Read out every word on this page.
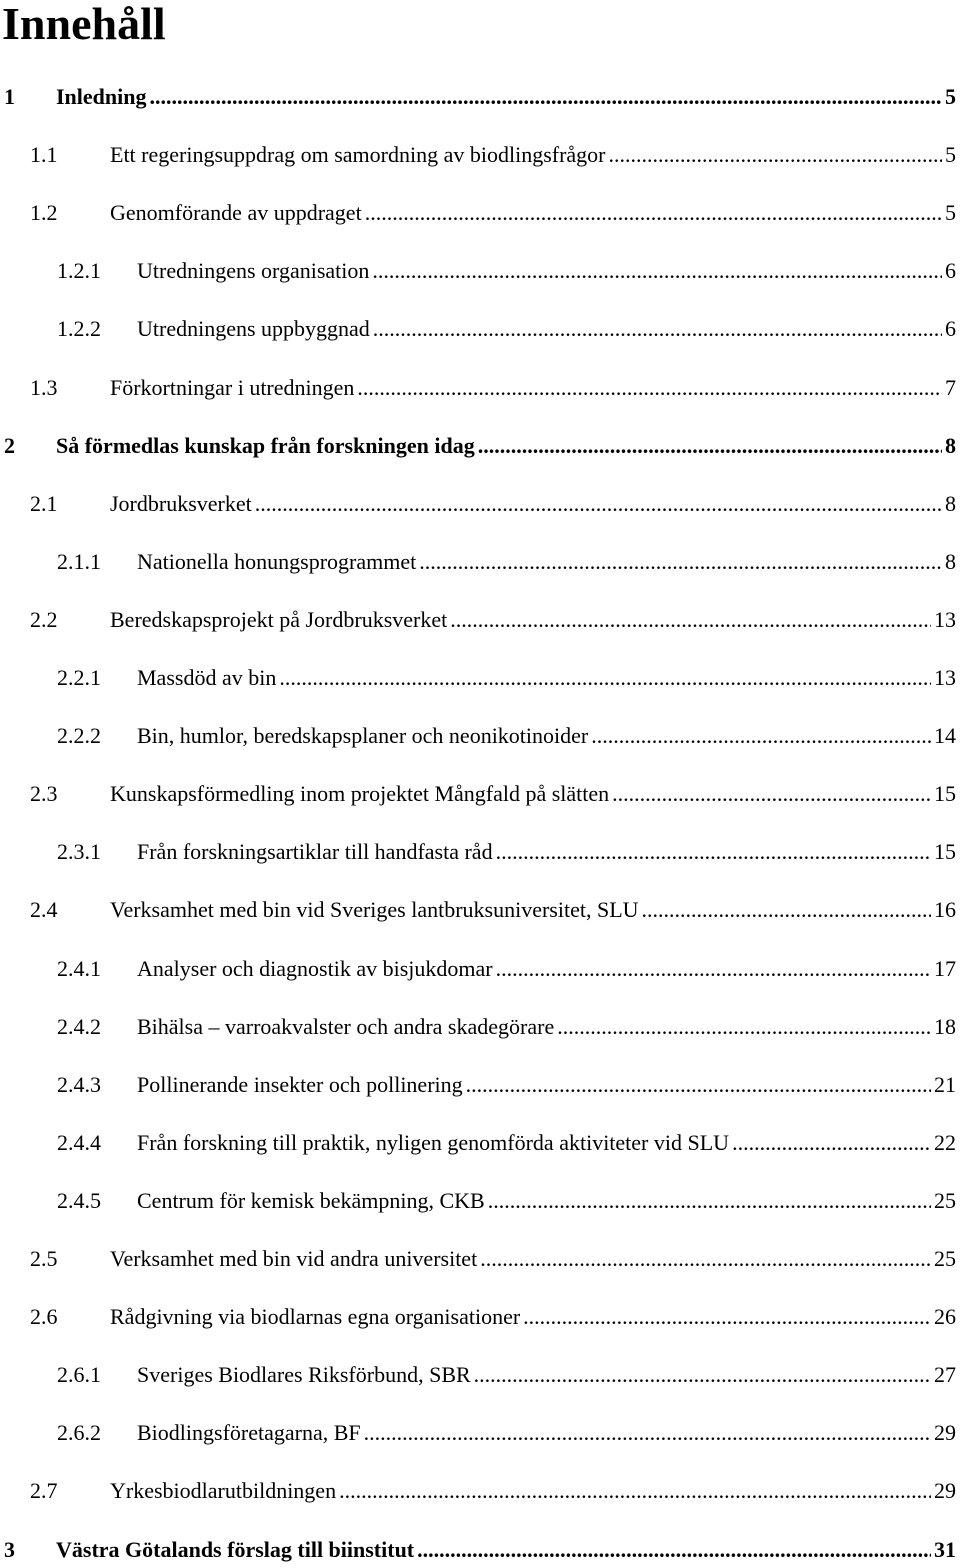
Innehåll
1	Inledning .....	5
1.1	Ett regeringsuppdrag om samordning av biodlingsfrågor .....	5
1.2	Genomförande av uppdraget .....	5
1.2.1	Utredningens organisation .....	6
1.2.2	Utredningens uppbyggnad .....	6
1.3	Förkortningar i utredningen .....	7
2	Så förmedlas kunskap från forskningen idag .....	8
2.1	Jordbruksverket .....	8
2.1.1	Nationella honungsprogrammet .....	8
2.2	Beredskapsprojekt på Jordbruksverket .....	13
2.2.1	Massdöd av bin .....	13
2.2.2	Bin, humlor, beredskapsplaner och neonikotinoider .....	14
2.3	Kunskapsförmedling inom projektet Mångfald på slätten .....	15
2.3.1	Från forskningsartiklar till handfasta råd .....	15
2.4	Verksamhet med bin vid Sveriges lantbruksuniversitet, SLU .....	16
2.4.1	Analyser och diagnostik av bisjukdomar .....	17
2.4.2	Bihälsa – varroakvalster och andra skadegörare .....	18
2.4.3	Pollinerande insekter och pollinering .....	21
2.4.4	Från forskning till praktik, nyligen genomförda aktiviteter vid SLU .....	22
2.4.5	Centrum för kemisk bekämpning, CKB .....	25
2.5	Verksamhet med bin vid andra universitet .....	25
2.6	Rådgivning via biodlarnas egna organisationer .....	26
2.6.1	Sveriges Biodlares Riksförbund, SBR .....	27
2.6.2	Biodlingsföretagarna, BF .....	29
2.7	Yrkesbiodlarutbildningen .....	29
3	Västra Götalands förslag till biinstitut .....	31
